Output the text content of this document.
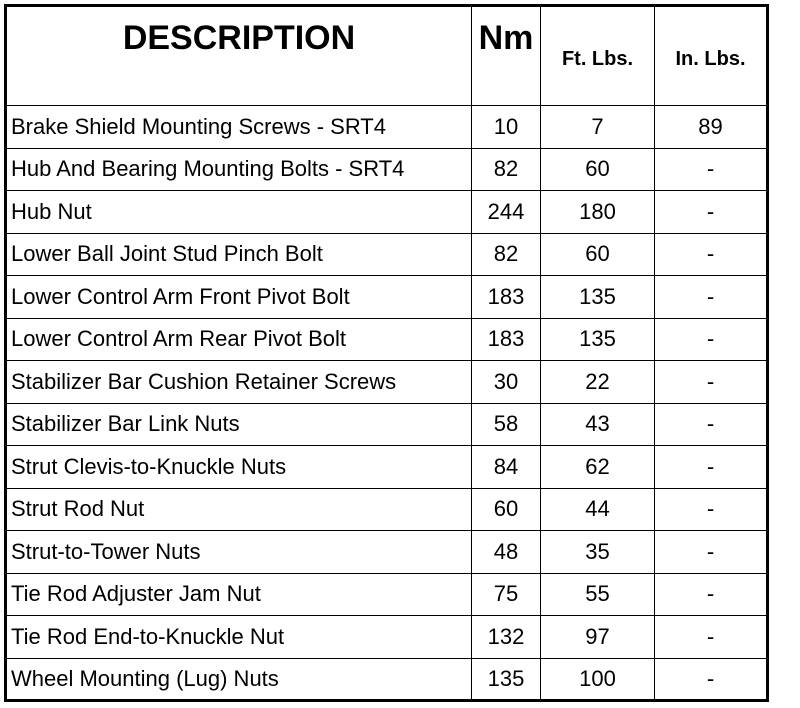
DESCRIPTION	Nm	Ft. Lbs.	In. Lbs.
Brake Shield Mounting Screws - SRT4	10	7	89
Hub And Bearing Mounting Bolts - SRT4	82	60	-
Hub Nut	244	180	-
Lower Ball Joint Stud Pinch Bolt	82	60	-
Lower Control Arm Front Pivot Bolt	183	135	-
Lower Control Arm Rear Pivot Bolt	183	135	-
Stabilizer Bar Cushion Retainer Screws	30	22	-
Stabilizer Bar Link Nuts	58	43	-
Strut Clevis-to-Knuckle Nuts	84	62	-
Strut Rod Nut	60	44	-
Strut-to-Tower Nuts	48	35	-
Tie Rod Adjuster Jam Nut	75	55	-
Tie Rod End-to-Knuckle Nut	132	97	-
Wheel Mounting (Lug) Nuts	135	100	-
